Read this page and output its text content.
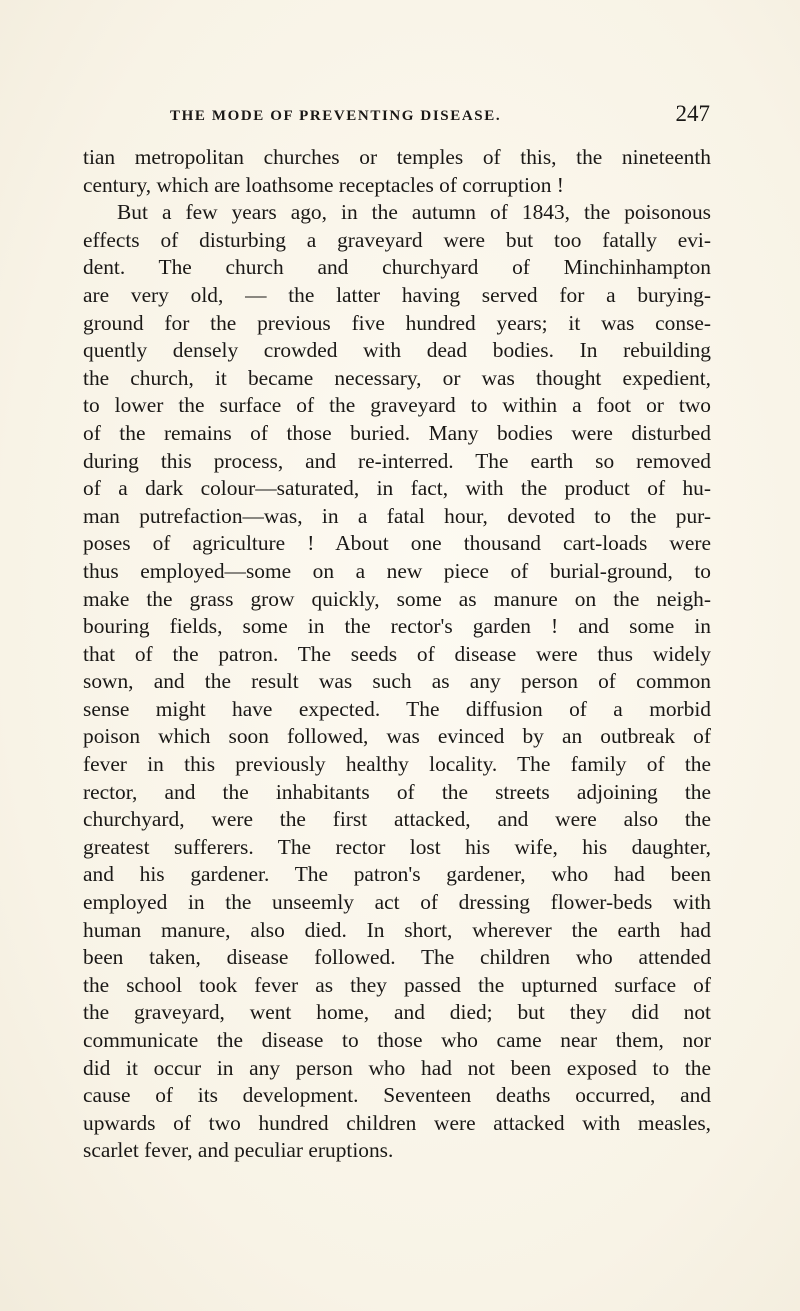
THE MODE OF PREVENTING DISEASE.	247
tian metropolitan churches or temples of this, the nineteenth
century, which are loathsome receptacles of corruption !
But a few years ago, in the autumn of 1843, the poisonous
effects of disturbing a graveyard were but too fatally evi-
dent. The church and churchyard of Minchinhampton
are very old, — the latter having served for a burying-
ground for the previous five hundred years; it was conse-
quently densely crowded with dead bodies. In rebuilding
the church, it became necessary, or was thought expedient,
to lower the surface of the graveyard to within a foot or two
of the remains of those buried. Many bodies were disturbed
during this process, and re-interred. The earth so removed
of a dark colour—saturated, in fact, with the product of hu-
man putrefaction—was, in a fatal hour, devoted to the pur-
poses of agriculture ! About one thousand cart-loads were
thus employed—some on a new piece of burial-ground, to
make the grass grow quickly, some as manure on the neigh-
bouring fields, some in the rector's garden ! and some in
that of the patron. The seeds of disease were thus widely
sown, and the result was such as any person of common
sense might have expected. The diffusion of a morbid
poison which soon followed, was evinced by an outbreak of
fever in this previously healthy locality. The family of the
rector, and the inhabitants of the streets adjoining the
churchyard, were the first attacked, and were also the
greatest sufferers. The rector lost his wife, his daughter,
and his gardener. The patron's gardener, who had been
employed in the unseemly act of dressing flower-beds with
human manure, also died. In short, wherever the earth had
been taken, disease followed. The children who attended
the school took fever as they passed the upturned surface of
the graveyard, went home, and died; but they did not
communicate the disease to those who came near them, nor
did it occur in any person who had not been exposed to the
cause of its development. Seventeen deaths occurred, and
upwards of two hundred children were attacked with measles,
scarlet fever, and peculiar eruptions.
